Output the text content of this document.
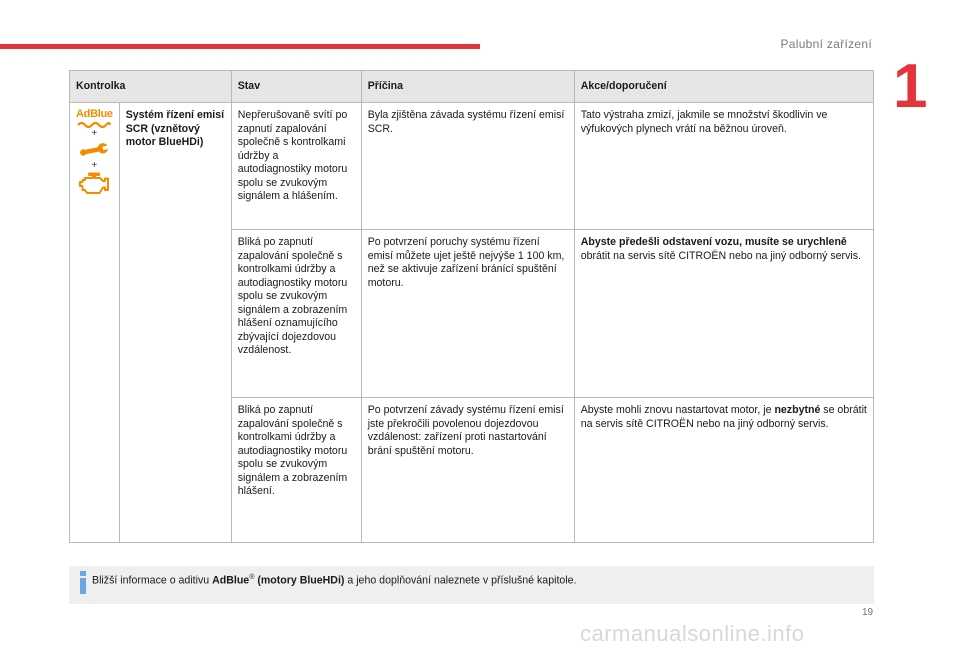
Palubní zařízení
1
Kontrolka		Stav	Příčina	Akce/doporučení

AdBlue
+
+	Systém řízení emisí SCR (vznětový motor BlueHDi)	Nepřerušovaně svítí po zapnutí zapalování společně s kontrolkami údržby a autodiagnostiky motoru spolu se zvukovým signálem a hlášením.	Byla zjištěna závada systému řízení emisí SCR.	Tato výstraha zmizí, jakmile se množství škodlivin ve výfukových plynech vrátí na běžnou úroveň.
		Bliká po zapnutí zapalování společně s kontrolkami údržby a autodiagnostiky motoru spolu se zvukovým signálem a zobrazením hlášení oznamujícího zbývající dojezdovou vzdálenost.	Po potvrzení poruchy systému řízení emisí můžete ujet ještě nejvýše 1 100 km, než se aktivuje zařízení bránící spuštění motoru.	Abyste předešli odstavení vozu, musíte se urychleně obrátit na servis sítě CITROËN nebo na jiný odborný servis.
		Bliká po zapnutí zapalování společně s kontrolkami údržby a autodiagnostiky motoru spolu se zvukovým signálem a zobrazením hlášení.	Po potvrzení závady systému řízení emisí jste překročili povolenou dojezdovou vzdálenost: zařízení proti nastartování brání spuštění motoru.	Abyste mohli znovu nastartovat motor, je nezbytné se obrátit na servis sítě CITROËN nebo na jiný odborný servis.
Bližší informace o aditivu AdBlue® (motory BlueHDi) a jeho doplňování naleznete v příslušné kapitole.
19
carmanualsonline.info
